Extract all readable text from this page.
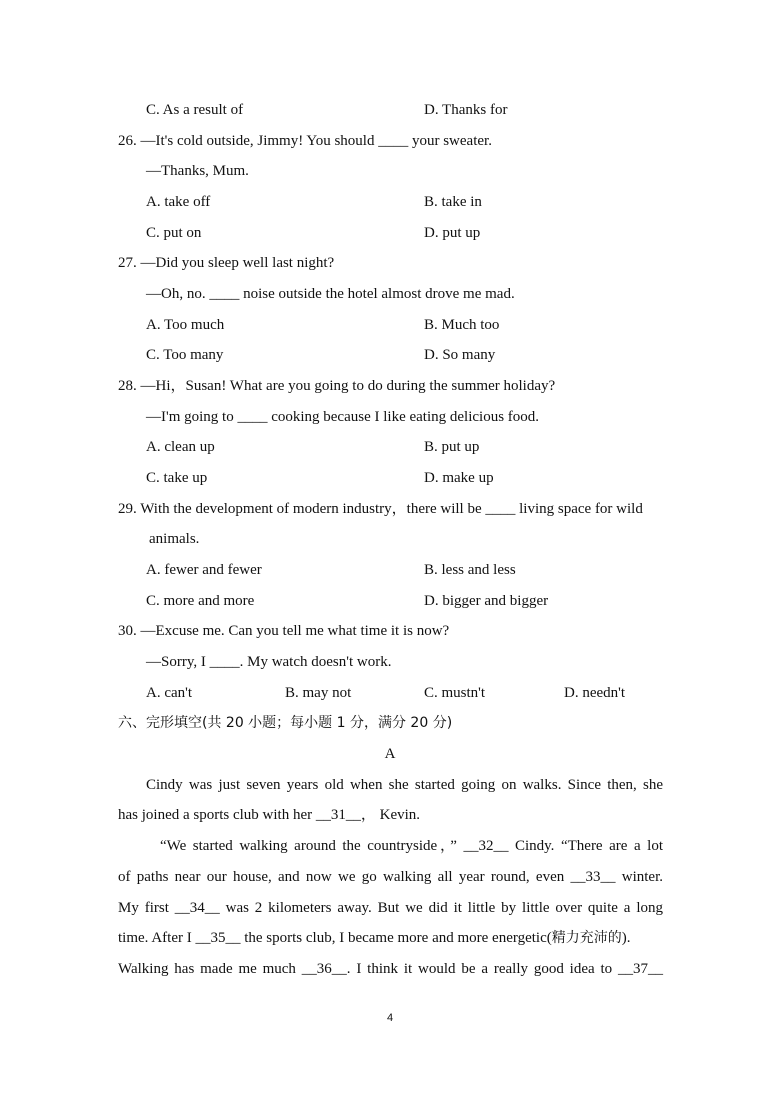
C. As a result of	D. Thanks for
26. —It's cold outside, Jimmy! You should ____ your sweater.
—Thanks, Mum.
A. take off	B. take in
C. put on	D. put up
27. —Did you sleep well last night?
—Oh, no. ____ noise outside the hotel almost drove me mad.
A. Too much	B. Much too
C. Too many	D. So many
28. —Hi，Susan! What are you going to do during the summer holiday?
—I'm going to ____ cooking because I like eating delicious food.
A. clean up	B. put up
C. take up	D. make up
29. With the development of modern industry，there will be ____ living space for wild
animals.
A. fewer and fewer	B. less and less
C. more and more	D. bigger and bigger
30. —Excuse me. Can you tell me what time it is now?
—Sorry, I ____. My watch doesn't work.
A. can't	B. may not	C. mustn't	D. needn't
六、完形填空(共 20 小题；每小题 1 分，满分 20 分)
A
Cindy was just seven years old when she started going on walks. Since then, she
has joined a sports club with her __31__， Kevin.
“We started walking around the countryside，” __32__ Cindy. “There are a lot
of paths near our house, and now we go walking all year round, even __33__ winter.
My first __34__ was 2 kilometers away. But we did it little by little over quite a long
time. After I __35__ the sports club, I became more and more energetic(精力充沛的).
Walking has made me much __36__. I think it would be a really good idea to __37__
4
